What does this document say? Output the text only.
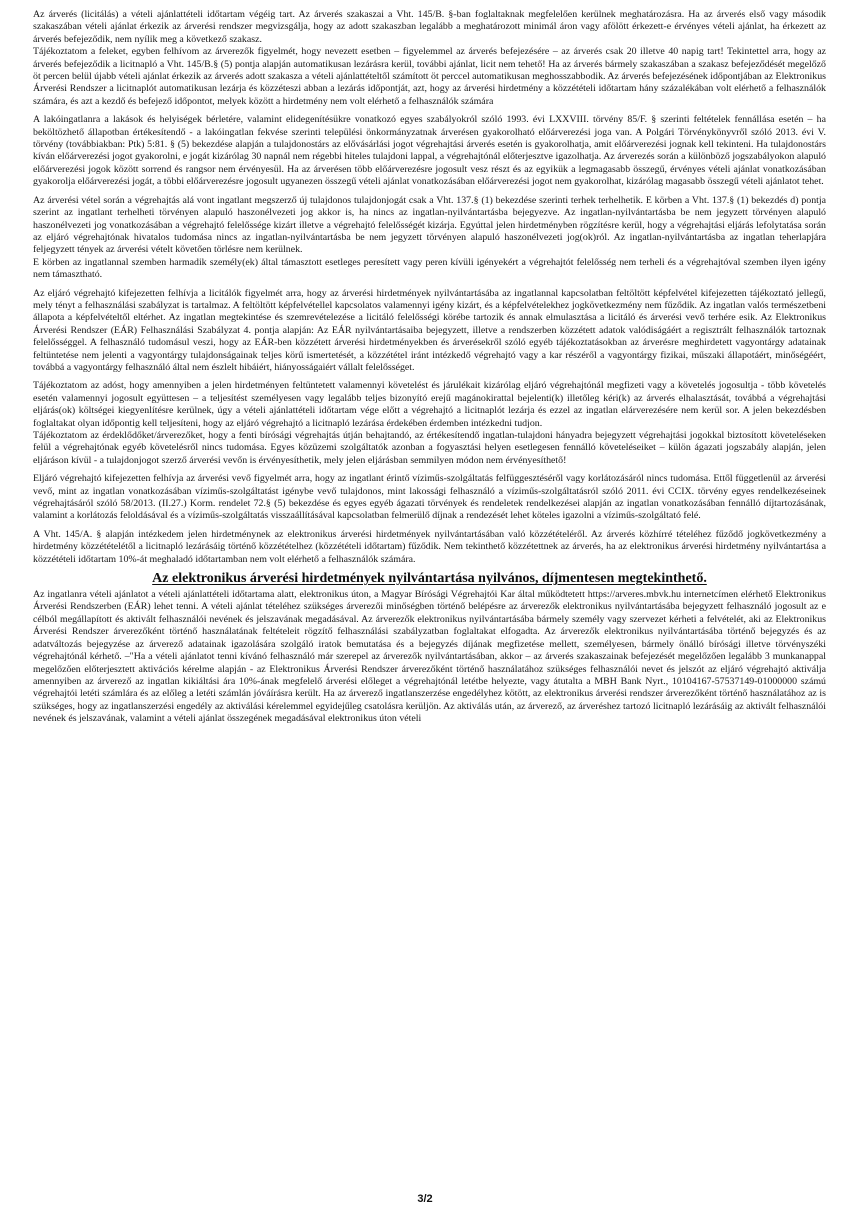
Az árverés (licitálás) a vételi ajánlattételi időtartam végéig tart. Az árverés szakaszai a Vht. 145/B. §-ban foglaltaknak megfelelően kerülnek meghatározásra. Ha az árverés első vagy második szakaszában vételi ajánlat érkezik az árverési rendszer megvizsgálja, hogy az adott szakaszban legalább a meghatározott minimál áron vagy afölött érkezett-e érvényes vételi ajánlat, ha érkezett az árverés befejeződik, nem nyílik meg a következő szakasz.

Tájékoztatom a feleket, egyben felhívom az árverezők figyelmét, hogy nevezett esetben – figyelemmel az árverés befejezésére – az árverés csak 20 illetve 40 napig tart! Tekintettel arra, hogy az árverés befejeződik a licitnapló a Vht. 145/B.§ (5) pontja alapján automatikusan lezárásra kerül, további ajánlat, licit nem tehető! Ha az árverés bármely szakaszában a szakasz befejeződését megelőző öt percen belül újabb vételi ajánlat érkezik az árverés adott szakasza a vételi ajánlattételtől számított öt perccel automatikusan meghosszabbodik. Az árverés befejezésének időpontjában az Elektronikus Árverési Rendszer a licitnaplót automatikusan lezárja és közzéteszi abban a lezárás időpontját, azt, hogy az árverési hirdetmény a közzétételi időtartam hány százalékában volt elérhető a felhasználók számára, és azt a kezdő és befejező időpontot, melyek között a hirdetmény nem volt elérhető a felhasználók számára

A lakóingatlanra a lakások és helyiségek bérletére, valamint elidegenítésükre vonatkozó egyes szabályokról szóló 1993. évi LXXVIII. törvény 85/F. § szerinti feltételek fennállása esetén – ha beköltözhető állapotban értékesítendő - a lakóingatlan fekvése szerinti települési önkormányzatnak árverésen gyakorolható előárverezési joga van. A Polgári Törvénykönyvről szóló 2013. évi V. törvény (továbbiakban: Ptk) 5:81. § (5) bekezdése alapján a tulajdonostárs az elővásárlási jogot végrehajtási árverés esetén is gyakorolhatja, amit előárverezési jognak kell tekinteni. Ha tulajdonostárs kíván előárverezési jogot gyakorolni, e jogát kizárólag 30 napnál nem régebbi hiteles tulajdoni lappal, a végrehajtónál előterjesztve igazolhatja. Az árverezés során a különböző jogszabályokon alapuló előárverezési jogok között sorrend és rangsor nem érvényesül. Ha az árverésen több előárverezésre jogosult vesz részt és az egyikük a legmagasabb összegű, érvényes vételi ajánlat vonatkozásában gyakorolja előárverezési jogát, a többi előárverezésre jogosult ugyanezen összegű vételi ajánlat vonatkozásában előárverezési jogot nem gyakorolhat, kizárólag magasabb összegű vételi ajánlatot tehet.

Az árverési vétel során a végrehajtás alá vont ingatlant megszerző új tulajdonos tulajdonjogát csak a Vht. 137.§ (1) bekezdése szerinti terhek terhelhetik. E körben a Vht. 137.§ (1) bekezdés d) pontja szerint az ingatlant terhelheti törvényen alapuló haszonélvezeti jog akkor is, ha nincs az ingatlan-nyilvántartásba bejegyezve. Az ingatlan-nyilvántartásba be nem jegyzett törvényen alapuló haszonélvezeti jog vonatkozásában a végrehajtó felelőssége kizárt illetve a végrehajtó felelősségét kizárja. Egyúttal jelen hirdetményben rögzítésre kerül, hogy a végrehajtási eljárás lefolytatása során az eljáró végrehajtónak hivatalos tudomása nincs az ingatlan-nyilvántartásba be nem jegyzett törvényen alapuló haszonélvezeti jog(ok)ról. Az ingatlan-nyilvántartásba az ingatlan teherlapjára feljegyzett tények az árverési vételt követően törlésre nem kerülnek.

E körben az ingatlannal szemben harmadik személy(ek) által támasztott esetleges peresített vagy peren kívüli igényekért a végrehajtót felelősség nem terheli és a végrehajtóval szemben ilyen igény nem támasztható.

Az eljáró végrehajtó kifejezetten felhívja a licitálók figyelmét arra, hogy az árverési hirdetmények nyilvántartásába az ingatlannal kapcsolatban feltöltött képfelvétel kifejezetten tájékoztató jellegű, mely tényt a felhasználási szabályzat is tartalmaz. A feltöltött képfelvétellel kapcsolatos valamennyi igény kizárt, és a képfelvételekhez jogkövetkezmény nem fűződik. Az ingatlan valós természetbeni állapota a képfelvételtől eltérhet. Az ingatlan megtekintése és szemrevételezése a licitáló felelősségi körébe tartozik és annak elmulasztása a licitáló és árverési vevő terhére esik. Az Elektronikus Árverési Rendszer (EÁR) Felhasználási Szabályzat 4. pontja alapján: Az EÁR nyilvántartásaiba bejegyzett, illetve a rendszerben közzétett adatok valódiságáért a regisztrált felhasználók tartoznak felelősséggel. A felhasználó tudomásul veszi, hogy az EÁR-ben közzétett árverési hirdetményekben és árverésekről szóló egyéb tájékoztatásokban az árverésre meghirdetett vagyontárgy adatainak feltüntetése nem jelenti a vagyontárgy tulajdonságainak teljes körű ismertetését, a közzététel iránt intézkedő végrehajtó vagy a kar részéről a vagyontárgy fizikai, műszaki állapotáért, minőségéért, továbbá a vagyontárgy felhasználó által nem észlelt hibáiért, hiányosságaiért vállalt felelősséget.

Tájékoztatom az adóst, hogy amennyiben a jelen hirdetményen feltüntetett valamennyi követelést és járulékait kizárólag eljáró végrehajtónál megfizeti vagy a követelés jogosultja - több követelés esetén valamennyi jogosult együttesen – a teljesítést személyesen vagy legalább teljes bizonyító erejű magánokirattal bejelenti(k) illetőleg kéri(k) az árverés elhalasztását, továbbá a végrehajtási eljárás(ok) költségei kiegyenlítésre kerülnek, úgy a vételi ajánlattételi időtartam vége előtt a végrehajtó a licitnaplót lezárja és ezzel az ingatlan elárverezésére nem kerül sor. A jelen bekezdésben foglaltakat olyan időpontig kell teljesíteni, hogy az eljáró végrehajtó a licitnapló lezárása érdekében érdemben intézkedni tudjon.

Tájékoztatom az érdeklődőket/árverezőket, hogy a fenti bírósági végrehajtás útján behajtandó, az értékesítendő ingatlan-tulajdoni hányadra bejegyzett végrehajtási jogokkal biztosított követeléseken felül a végrehajtónak egyéb követelésről nincs tudomása. Egyes közüzemi szolgáltatók azonban a fogyasztási helyen esetlegesen fennálló követeléseiket – külön ágazati jogszabály alapján, jelen eljáráson kívül - a tulajdonjogot szerző árverési vevőn is érvényesíthetik, mely jelen eljárásban semmilyen módon nem érvényesíthető!

Eljáró végrehajtó kifejezetten felhívja az árverési vevő figyelmét arra, hogy az ingatlant érintő víziműs-szolgáltatás felfüggesztéséről vagy korlátozásáról nincs tudomása. Ettől függetlenül az árverési vevő, mint az ingatlan vonatkozásában víziműs-szolgáltatást igénybe vevő tulajdonos, mint lakossági felhasználó a víziműs-szolgáltatásról szóló 2011. évi CCIX. törvény egyes rendelkezéseinek végrehajtásáról szóló 58/2013. (II.27.) Korm. rendelet 72.§ (5) bekezdése és egyes egyéb ágazati törvények és rendeletek rendelkezései alapján az ingatlan vonatkozásában fennálló díjtartozásának, valamint a korlátozás feloldásával és a víziműs-szolgáltatás visszaállításával kapcsolatban felmerülő díjnak a rendezését lehet köteles igazolni a víziműs-szolgáltató felé.

A Vht. 145/A. § alapján intézkedem jelen hirdetménynek az elektronikus árverési hirdetmények nyilvántartásában való közzétételéről. Az árverés közhírré tételéhez fűződő jogkövetkezmény a hirdetmény közzétételétől a licitnapló lezárásáig történő közzétételhez (közzétételi időtartam) fűződik. Nem tekinthető közzétettnek az árverés, ha az elektronikus árverési hirdetmény nyilvántartása a közzétételi időtartam 10%-át meghaladó időtartamban nem volt elérhető a felhasználók számára.

Az elektronikus árverési hirdetmények nyilvántartása nyilvános, díjmentesen megtekinthető.

Az ingatlanra vételi ajánlatot a vételi ajánlattételi időtartama alatt, elektronikus úton, a Magyar Bírósági Végrehajtói Kar által működtetett https://arveres.mbvk.hu internetcímen elérhető Elektronikus Árverési Rendszerben (EÁR) lehet tenni. A vételi ajánlat tételéhez szükséges árverezői minőségben történő belépésre az árverezők elektronikus nyilvántartásába bejegyzett felhasználó jogosult az e célból megállapított és aktivált felhasználói nevének és jelszavának megadásával. Az árverezők elektronikus nyilvántartásába bármely személy vagy szervezet kérheti a felvételét, aki az Elektronikus Árverési Rendszer árverezőként történő használatának feltételeit rögzítő felhasználási szabályzatban foglaltakat elfogadta. Az árverezők elektronikus nyilvántartásába történő bejegyzés és az adatváltozás bejegyzése az árverező adatainak igazolására szolgáló iratok bemutatása és a bejegyzés díjának megfizetése mellett, személyesen, bármely önálló bírósági illetve törvényszéki végrehajtónál kérhető. –"Ha a vételi ajánlatot tenni kívánó felhasználó már szerepel az árverezők nyilvántartásában, akkor – az árverés szakaszainak befejezését megelőzően legalább 3 munkanappal megelőzően előterjesztett aktivációs kérelme alapján - az Elektronikus Árverési Rendszer árverezőként történő használatához szükséges felhasználói nevet és jelszót az eljáró végrehajtó aktiválja amennyiben az árverező az ingatlan kikiáltási ára 10%-ának megfelelő árverési előleget a végrehajtónál letétbe helyezte, vagy átutalta a MBH Bank Nyrt., 10104167-57537149-01000000 számú végrehajtói letéti számlára és az előleg a letéti számlán jóváírásra került. Ha az árverező ingatlanszerzése engedélyhez kötött, az elektronikus árverési rendszer árverezőként történő használatához az is szükséges, hogy az ingatlanszerzési engedély az aktiválási kérelemmel egyidejűleg csatolásra kerüljön. Az aktiválás után, az árverező, az árveréshez tartozó licitnapló lezárásáig az aktivált felhasználói nevének és jelszavának, valamint a vételi ajánlat összegének megadásával elektronikus úton vételi

3/2
